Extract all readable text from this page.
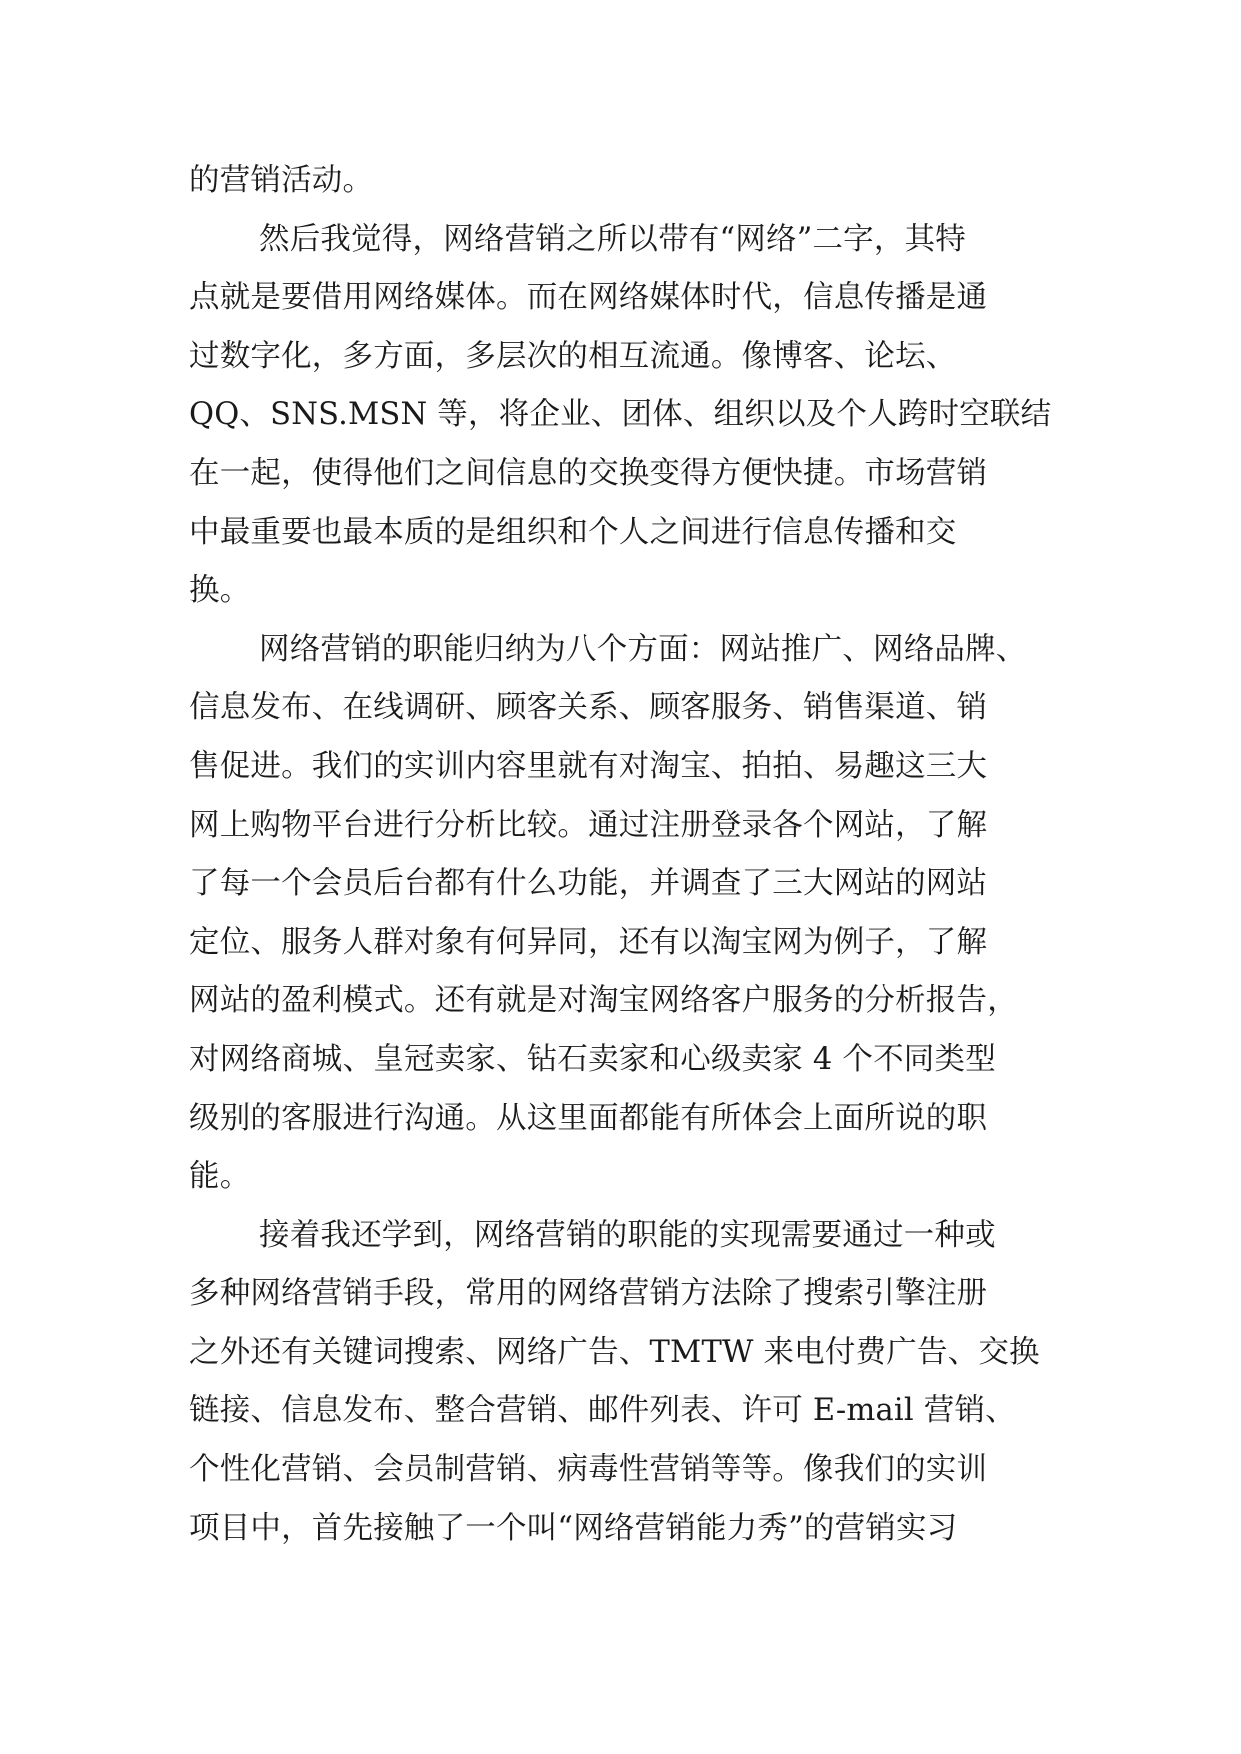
的营销活动。
然后我觉得，网络营销之所以带有“网络”二字，其特
点就是要借用网络媒体。而在网络媒体时代，信息传播是通
过数字化，多方面，多层次的相互流通。像博客、论坛、
QQ、SNS.MSN 等，将企业、团体、组织以及个人跨时空联结
在一起，使得他们之间信息的交换变得方便快捷。市场营销
中最重要也最本质的是组织和个人之间进行信息传播和交
换。
网络营销的职能归纳为八个方面：网站推广、网络品牌、
信息发布、在线调研、顾客关系、顾客服务、销售渠道、销
售促进。我们的实训内容里就有对淘宝、拍拍、易趣这三大
网上购物平台进行分析比较。通过注册登录各个网站，了解
了每一个会员后台都有什么功能，并调查了三大网站的网站
定位、服务人群对象有何异同，还有以淘宝网为例子，了解
网站的盈利模式。还有就是对淘宝网络客户服务的分析报告，
对网络商城、皇冠卖家、钻石卖家和心级卖家 4 个不同类型
级别的客服进行沟通。从这里面都能有所体会上面所说的职
能。
接着我还学到，网络营销的职能的实现需要通过一种或
多种网络营销手段，常用的网络营销方法除了搜索引擎注册
之外还有关键词搜索、网络广告、TMTW 来电付费广告、交换
链接、信息发布、整合营销、邮件列表、许可 E-mail 营销、
个性化营销、会员制营销、病毒性营销等等。像我们的实训
项目中，首先接触了一个叫“网络营销能力秀”的营销实习
